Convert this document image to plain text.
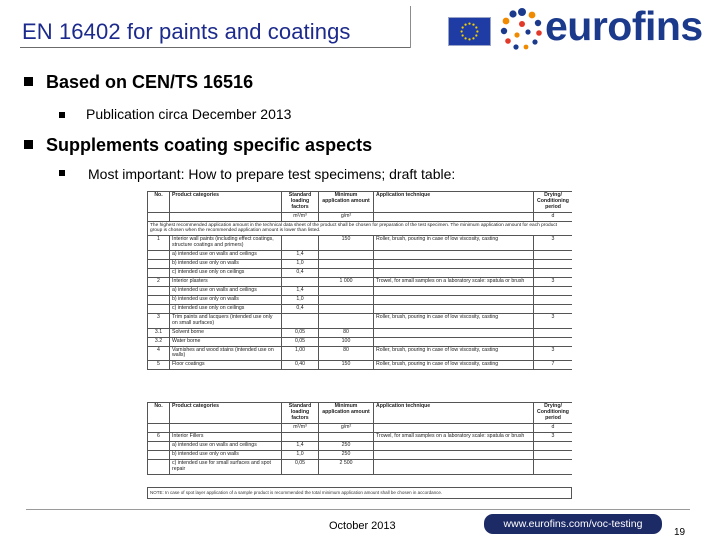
EN 16402 for paints and coatings	eurofins
Based on CEN/TS 16516
Publication circa December 2013
Supplements coating specific aspects
Most important: How to prepare test specimens; draft table:
No.	Product categories	Standard loading factors	Minimum application amount	Application technique	Drying/ Conditioning period
		m²/m³	g/m²		d
The highest recommended application amount in the technical data sheet of the product shall be chosen for preparation of the test specimen. The minimum application amount for each product group is chosen when the recommended application amount is lower than listed.					
1	Interior wall paints (including effect coatings, structure coatings and primers)		150	Roller, brush, pouring in case of low viscosity, casting	3
	a) intended use on walls and ceilings	1,4			
	b) intended use only on walls	1,0			
	c) intended use only on ceilings	0,4			
2	Interior plasters		1 000	Trowel, for small samples on a laboratory scale: spatula or brush	3
	a) intended use on walls and ceilings	1,4			
	b) intended use only on walls	1,0			
	c) intended use only on ceilings	0,4			
3	Trim paints and lacquers (intended use only on small surfaces)			Roller, brush, pouring in case of low viscosity, casting	3
3.1	Solvent borne	0,05	80		
3.2	Water borne	0,05	100		
4	Varnishes and wood stains (intended use on walls)	1,00	80	Roller, brush, pouring in case of low viscosity, casting	3
5	Floor coatings	0,40	150	Roller, brush, pouring in case of low viscosity, casting	7
No.	Product categories	Standard loading factors	Minimum application amount	Application technique	Drying/ Conditioning period
		m²/m³	g/m²		d
6	Interior Fillers			Trowel, for small samples on a laboratory scale: spatula or brush	3
	a) intended use on walls and ceilings	1,4	250		
	b) intended use only on walls	1,0	250		
	c) intended use for small surfaces and spot repair	0,05	2 500		
NOTE: In case of spot layer application of a sample product is recommended the total minimum application amount shall be chosen in accordance.
October 2013	www.eurofins.com/voc-testing
19
